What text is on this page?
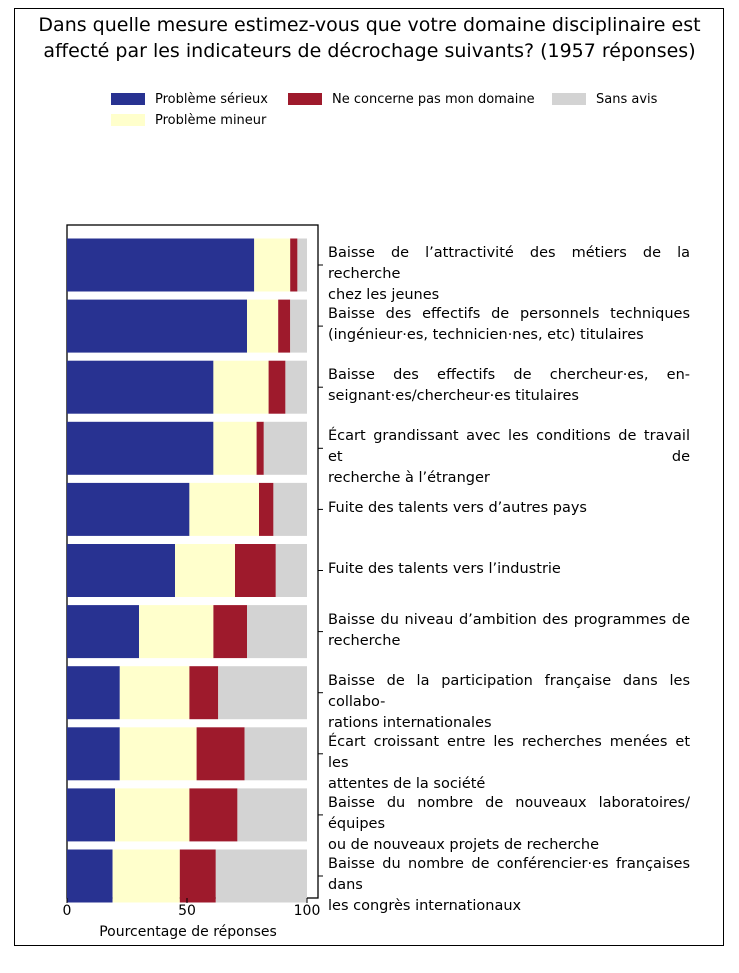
Dans quelle mesure estimez-vous que votre domaine disciplinaire est
affecté par les indicateurs de décrochage suivants? (1957 réponses)
Problème sérieux	Ne concerne pas mon domaine	Sans avis
Problème mineur
Baisse de l’attractivité des métiers de la recherche
chez les jeunes
Baisse des effectifs de personnels techniques
(ingénieur·es, technicien·nes, etc) titulaires
Baisse des effectifs de chercheur·es, en-
seignant·es/chercheur·es titulaires
Écart grandissant avec les conditions de travail et de
recherche à l’étranger
Fuite des talents vers d’autres pays
Fuite des talents vers l’industrie
Baisse du niveau d’ambition des programmes de
recherche
Baisse de la participation française dans les collabo-
rations internationales
Écart croissant entre les recherches menées et les
attentes de la société
Baisse du nombre de nouveaux laboratoires/équipes
ou de nouveaux projets de recherche
Baisse du nombre de conférencier·es françaises dans
les congrès internationaux
0	50	100
Pourcentage de réponses
